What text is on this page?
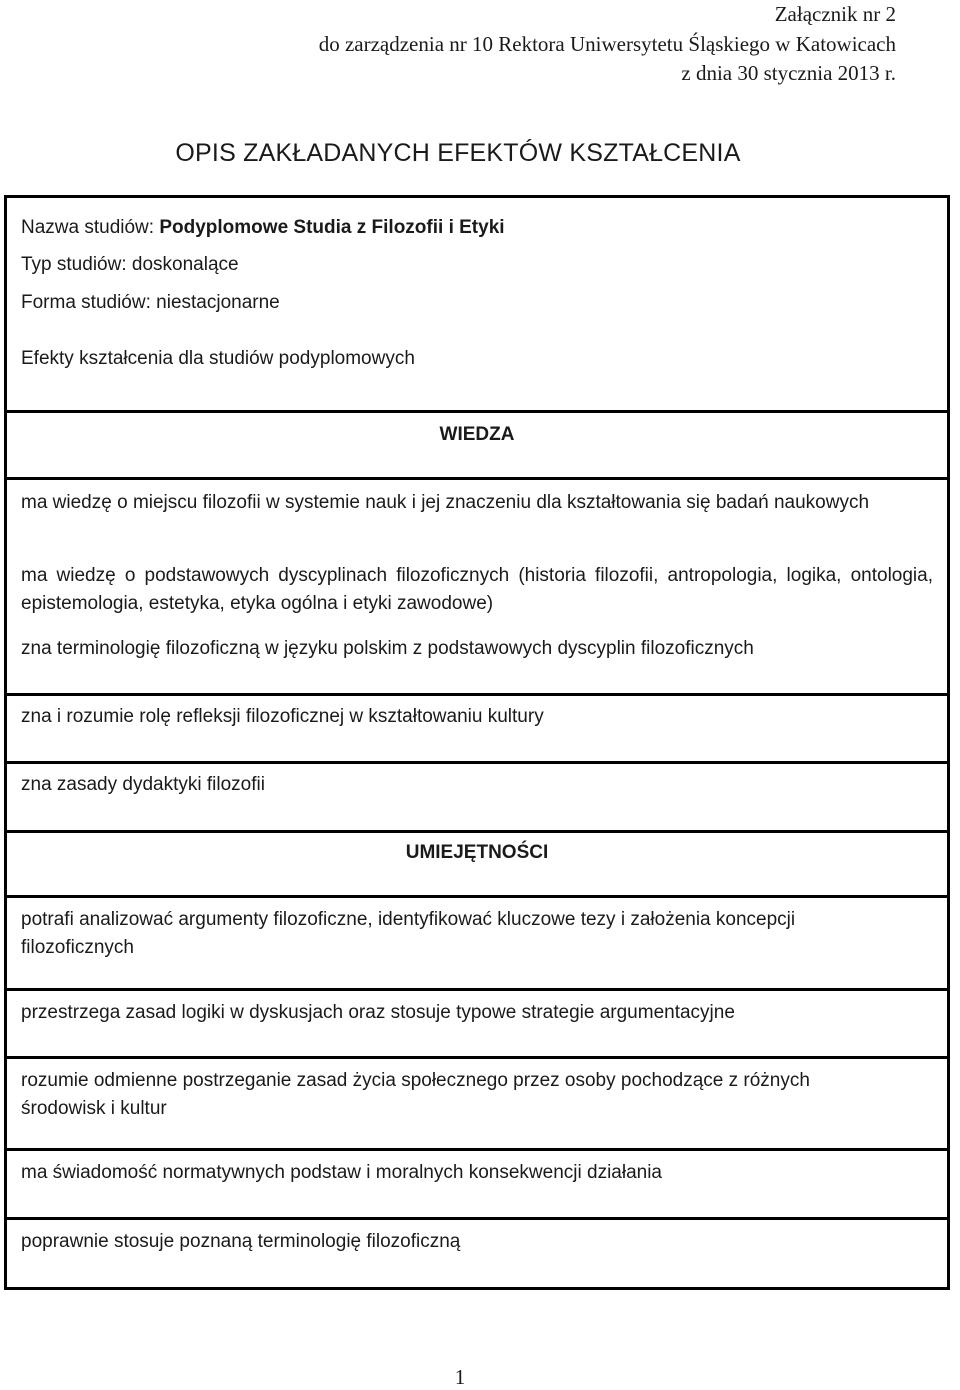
Załącznik nr 2
do zarządzenia nr 10 Rektora Uniwersytetu Śląskiego w Katowicach
z dnia 30 stycznia 2013 r.
OPIS ZAKŁADANYCH EFEKTÓW KSZTAŁCENIA
Nazwa studiów: Podyplomowe Studia z Filozofii i Etyki
Typ studiów: doskonalące
Forma studiów: niestacjonarne
Efekty kształcenia dla studiów podyplomowych
WIEDZA
ma wiedzę o miejscu filozofii w systemie nauk i jej znaczeniu dla kształtowania się badań naukowych
ma wiedzę o podstawowych dyscyplinach filozoficznych (historia filozofii, antropologia, logika, ontologia, epistemologia, estetyka, etyka ogólna i etyki zawodowe)
zna terminologię filozoficzną w języku polskim z podstawowych dyscyplin filozoficznych
zna i rozumie rolę refleksji filozoficznej w kształtowaniu kultury
zna zasady dydaktyki filozofii
UMIEJĘTNOŚCI
potrafi analizować argumenty filozoficzne, identyfikować kluczowe tezy i założenia koncepcji filozoficznych
przestrzega zasad logiki w dyskusjach oraz stosuje typowe strategie argumentacyjne
rozumie odmienne postrzeganie zasad życia społecznego przez osoby pochodzące z różnych środowisk i kultur
ma świadomość normatywnych podstaw i moralnych konsekwencji działania
poprawnie stosuje poznaną terminologię filozoficzną
1
